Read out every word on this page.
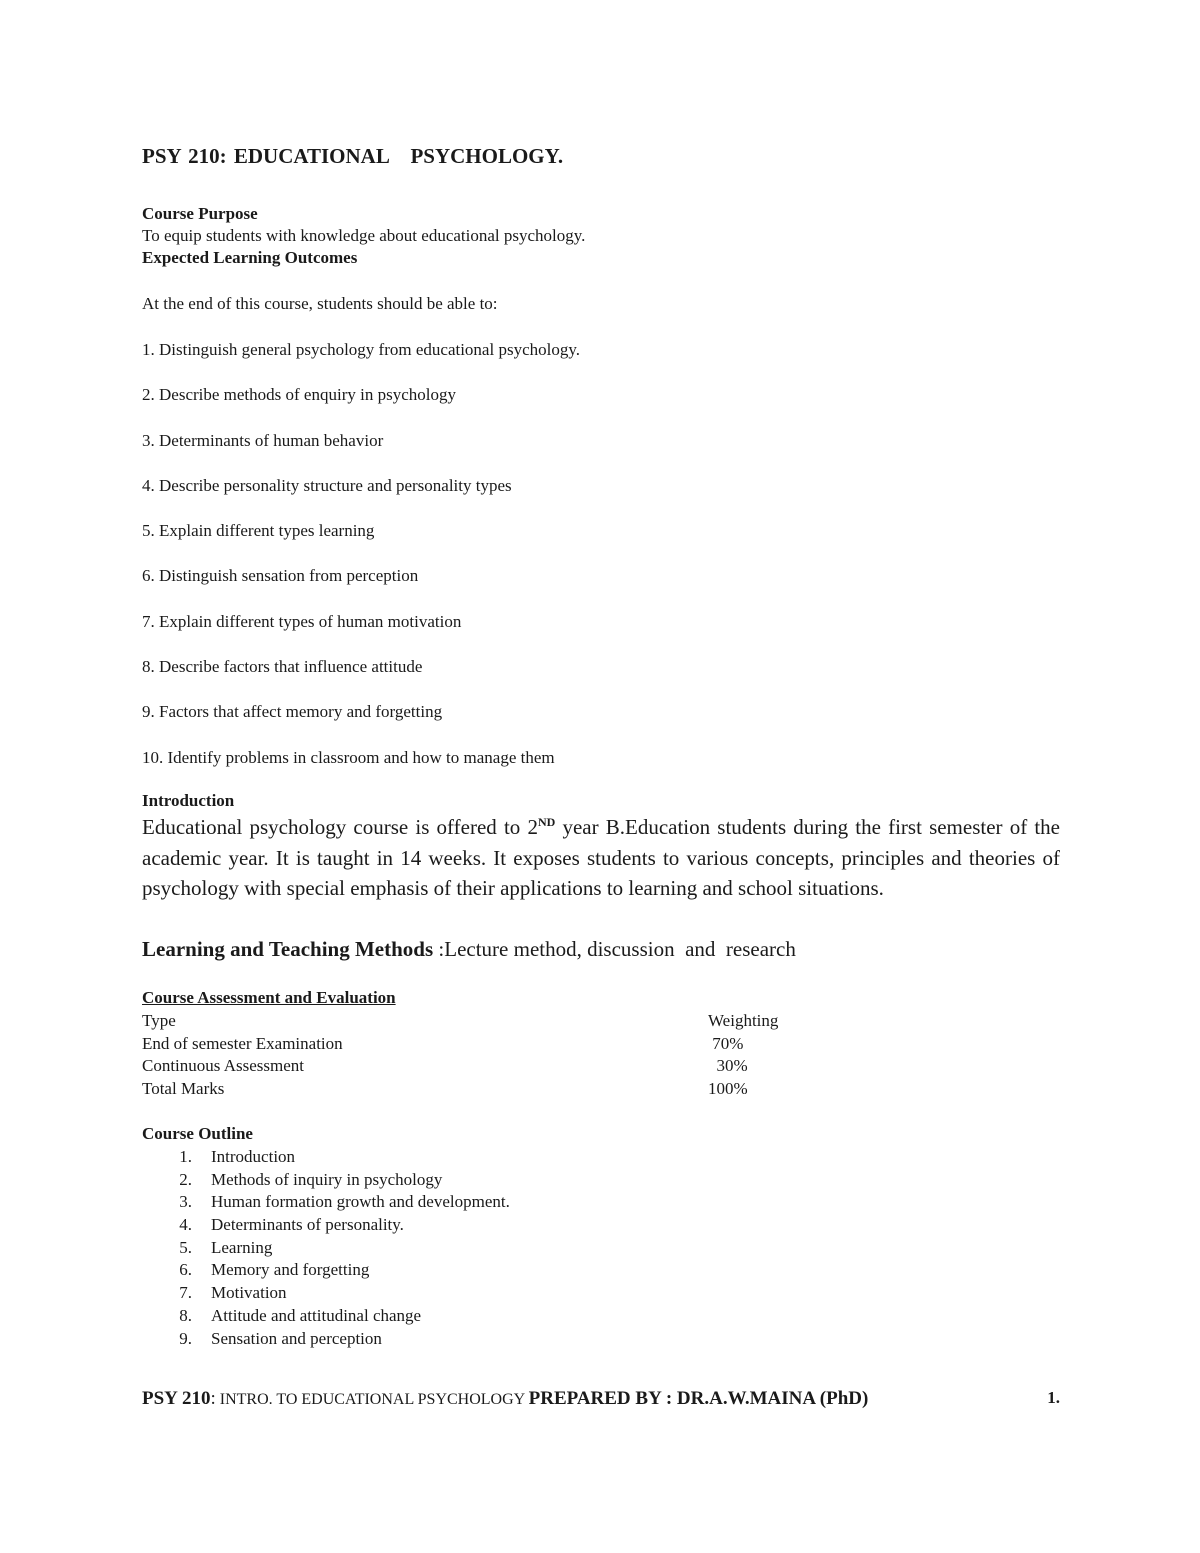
PSY 210: EDUCATIONAL   PSYCHOLOGY.
Course Purpose
To equip students with knowledge about educational psychology.
Expected Learning Outcomes
At the end of this course, students should be able to:
1. Distinguish general psychology from educational psychology.
2. Describe methods of enquiry in psychology
3. Determinants of human behavior
4. Describe personality structure and personality types
5. Explain different types learning
6. Distinguish sensation from perception
7. Explain different types of human motivation
8. Describe factors that influence attitude
9. Factors that affect memory and forgetting
10. Identify problems in classroom and how to manage them
Introduction

Educational psychology course is offered to 2ND year B.Education students during the first semester of the academic year. It is taught in 14 weeks. It exposes students to various concepts, principles and theories of psychology with special emphasis of their applications to learning and school situations.

Learning and Teaching Methods :Lecture method, discussion  and  research
Course Assessment and Evaluation
Type	Weighting
End of semester Examination	70%
Continuous Assessment	30%
Total Marks	100%
Course Outline
1. Introduction
2. Methods of inquiry in psychology
3. Human formation growth and development.
4. Determinants of personality.
5. Learning
6. Memory and forgetting
7. Motivation
8. Attitude and attitudinal change
9. Sensation and perception
PSY 210: INTRO. TO EDUCATIONAL PSYCHOLOGY PREPARED BY : DR.A.W.MAINA (PhD)	1.
